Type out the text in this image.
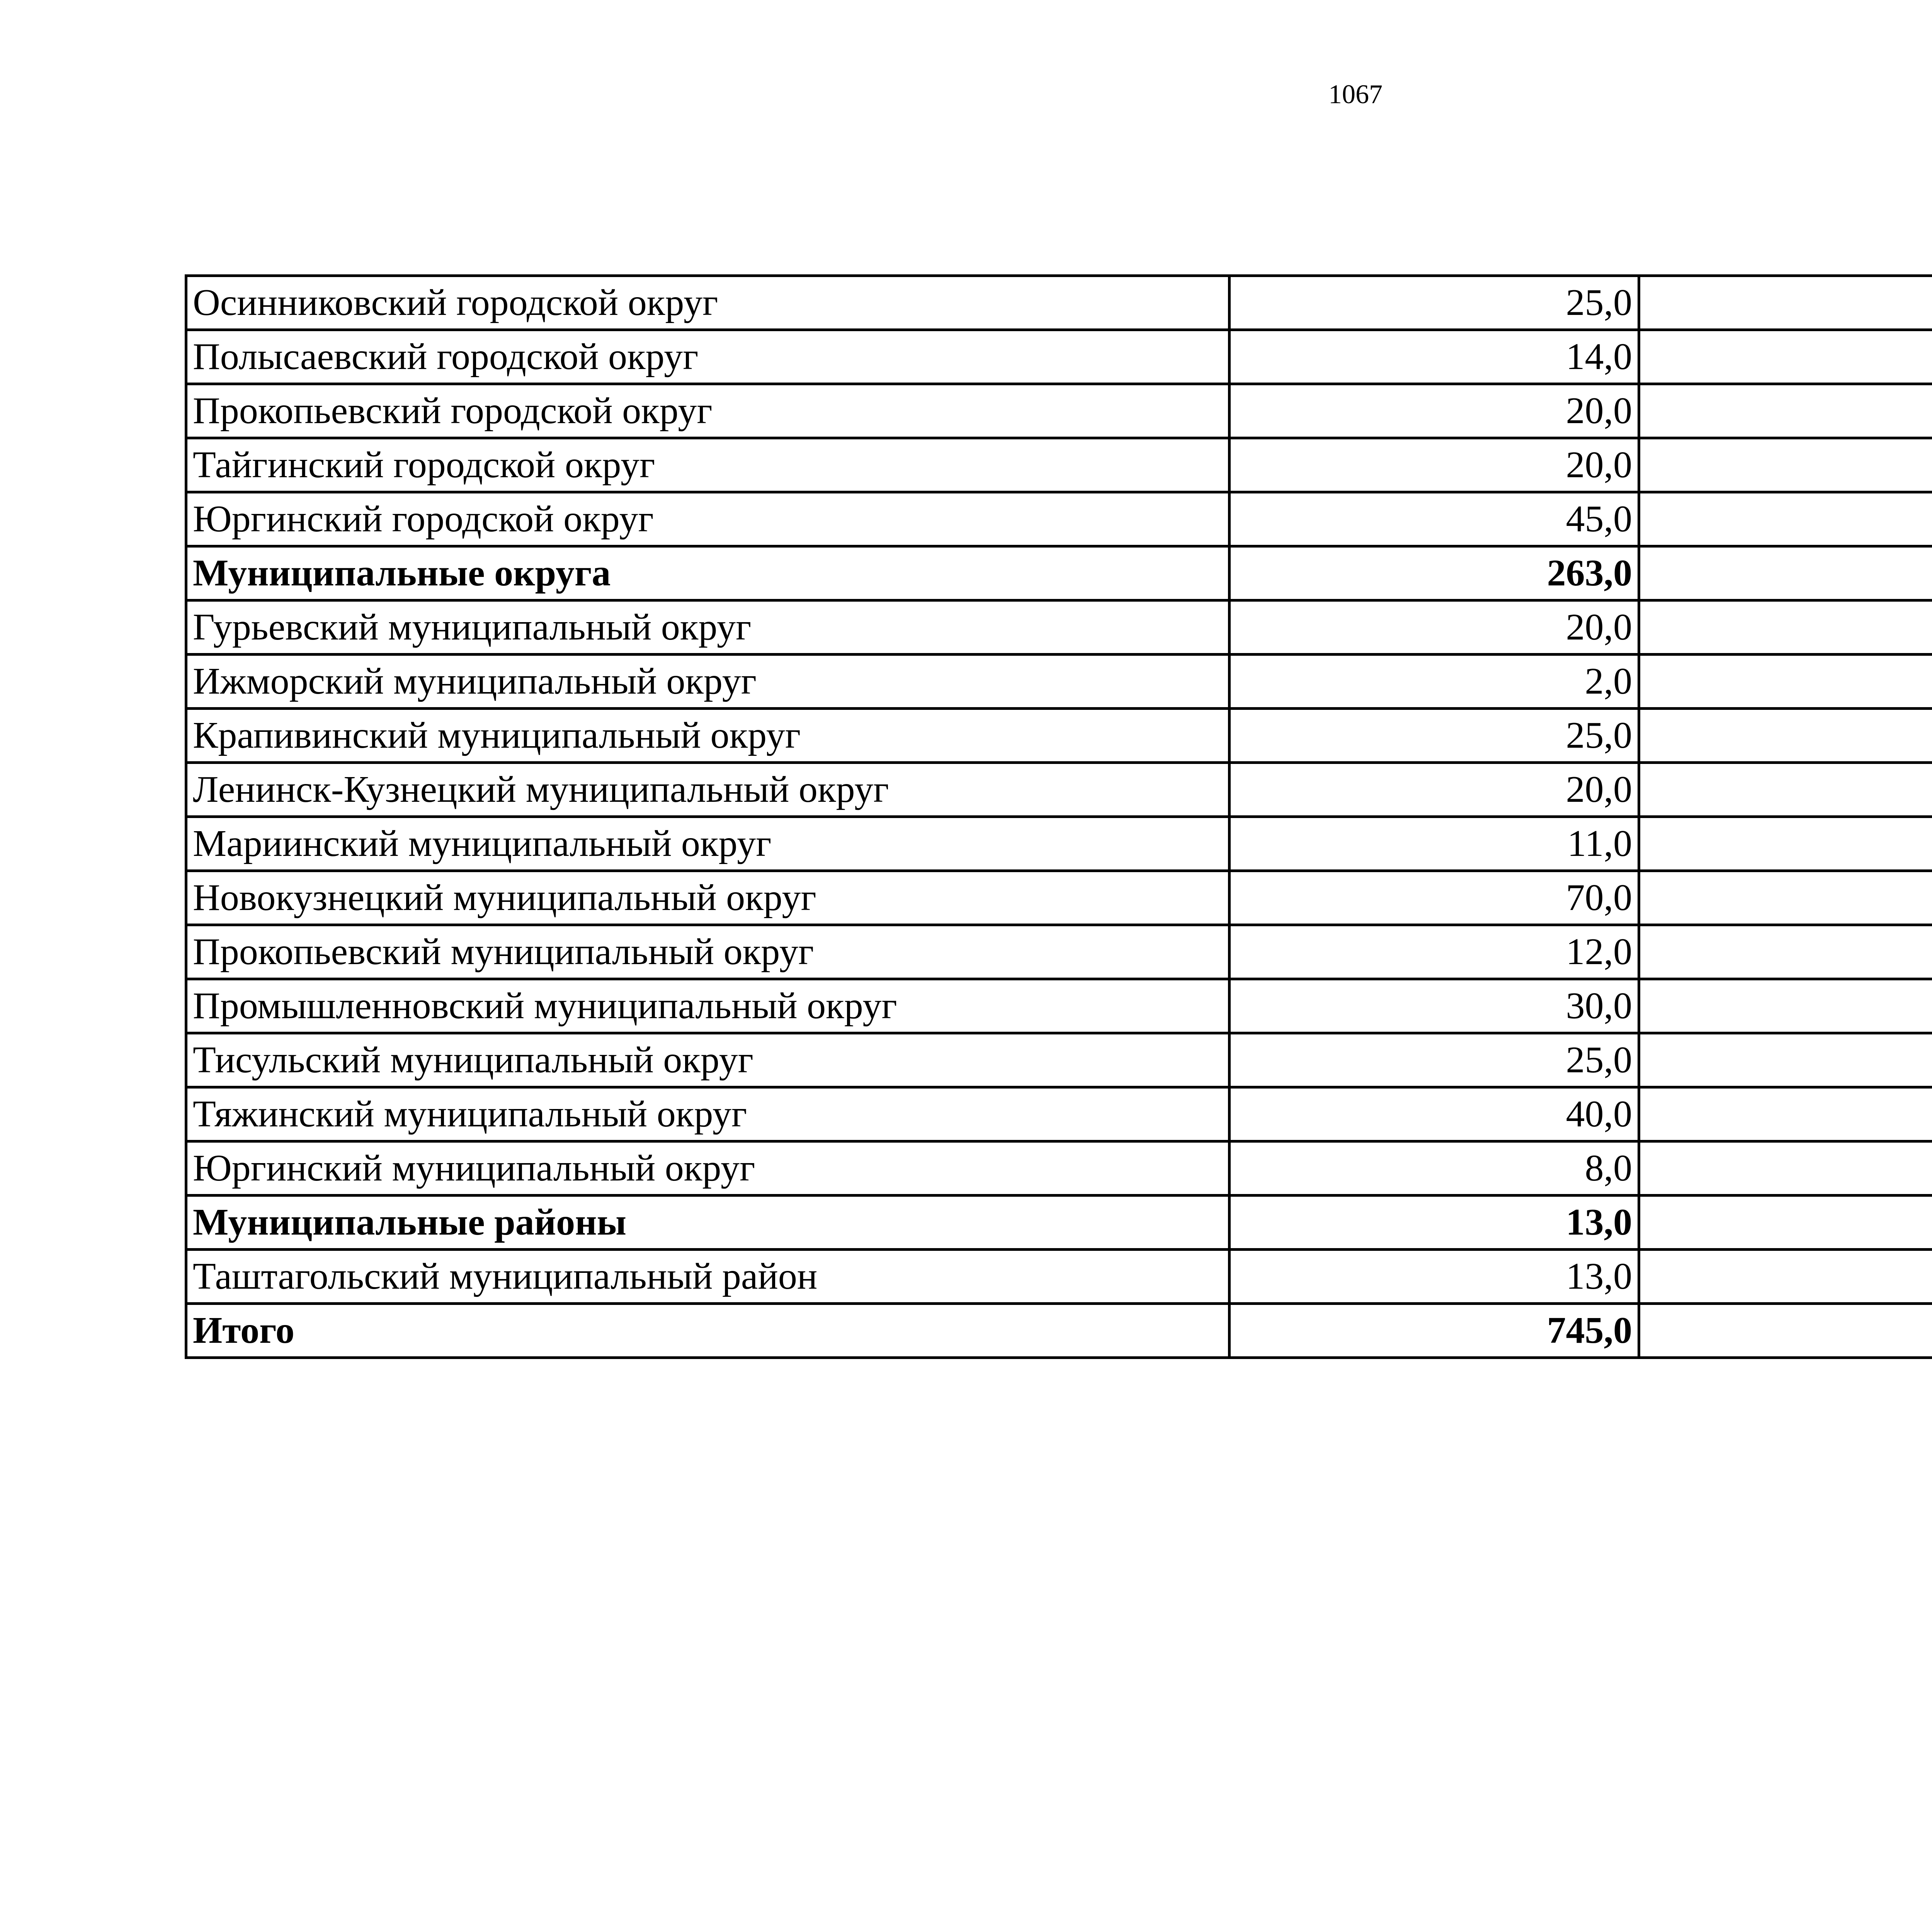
1067
Осинниковский городской округ	25,0		
Полысаевский городской округ	14,0		
Прокопьевский городской округ	20,0		
Тайгинский городской округ	20,0		
Юргинский городской округ	45,0		
Муниципальные округа	263,0		
Гурьевский муниципальный округ	20,0		
Ижморский муниципальный округ	2,0		
Крапивинский муниципальный округ	25,0		
Ленинск-Кузнецкий муниципальный округ	20,0		
Мариинский муниципальный округ	11,0		
Новокузнецкий муниципальный округ	70,0		
Прокопьевский муниципальный округ	12,0		
Промышленновский муниципальный округ	30,0		
Тисульский муниципальный округ	25,0		
Тяжинский муниципальный округ	40,0		
Юргинский муниципальный округ	8,0		
Муниципальные районы	13,0		
Таштагольский муниципальный район	13,0		
Итого	745,0		
